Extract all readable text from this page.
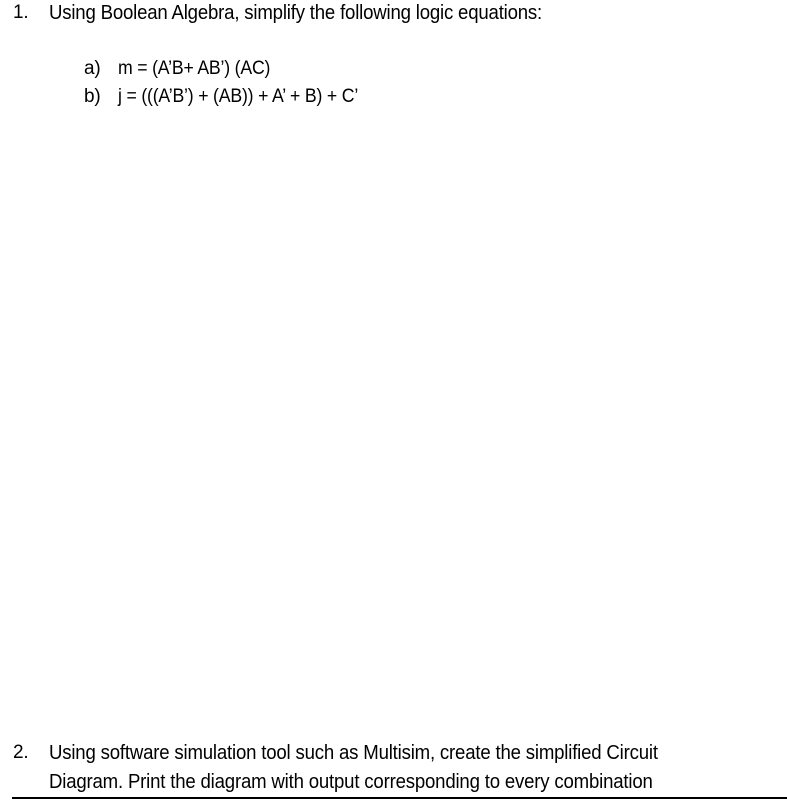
1. Using Boolean Algebra, simplify the following logic equations:
a) m = (A’B+ AB’) (AC)
b) j = (((A’B’) + (AB)) + A’ + B) + C’
2. Using software simulation tool such as Multisim, create the simplified Circuit
Diagram. Print the diagram with output corresponding to every combination
